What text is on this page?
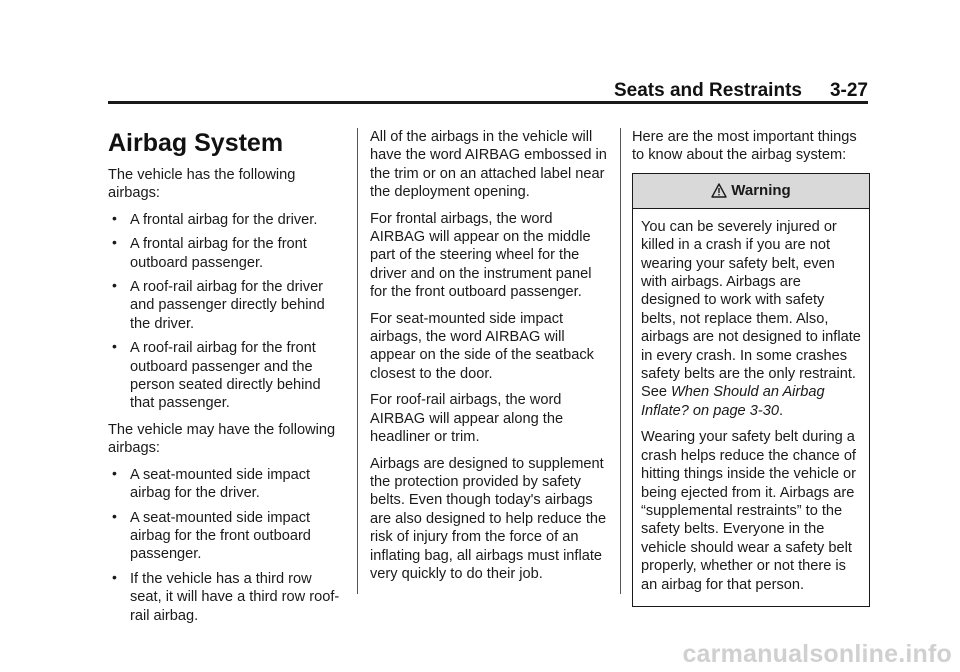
Seats and Restraints 3-27
Airbag System

The vehicle has the following airbags:

• A frontal airbag for the driver.
• A frontal airbag for the front outboard passenger.
• A roof-rail airbag for the driver and passenger directly behind the driver.
• A roof-rail airbag for the front outboard passenger and the person seated directly behind that passenger.

The vehicle may have the following airbags:

• A seat-mounted side impact airbag for the driver.
• A seat-mounted side impact airbag for the front outboard passenger.
• If the vehicle has a third row seat, it will have a third row roof-rail airbag.

All of the airbags in the vehicle will have the word AIRBAG embossed in the trim or on an attached label near the deployment opening.

For frontal airbags, the word AIRBAG will appear on the middle part of the steering wheel for the driver and on the instrument panel for the front outboard passenger.

For seat-mounted side impact airbags, the word AIRBAG will appear on the side of the seatback closest to the door.

For roof-rail airbags, the word AIRBAG will appear along the headliner or trim.

Airbags are designed to supplement the protection provided by safety belts. Even though today's airbags are also designed to help reduce the risk of injury from the force of an inflating bag, all airbags must inflate very quickly to do their job.

Here are the most important things to know about the airbag system:

Warning

You can be severely injured or killed in a crash if you are not wearing your safety belt, even with airbags. Airbags are designed to work with safety belts, not replace them. Also, airbags are not designed to inflate in every crash. In some crashes safety belts are the only restraint. See When Should an Airbag Inflate? on page 3-30.

Wearing your safety belt during a crash helps reduce the chance of hitting things inside the vehicle or being ejected from it. Airbags are “supplemental restraints” to the safety belts. Everyone in the vehicle should wear a safety belt properly, whether or not there is an airbag for that person.

carmanualsonline.info
